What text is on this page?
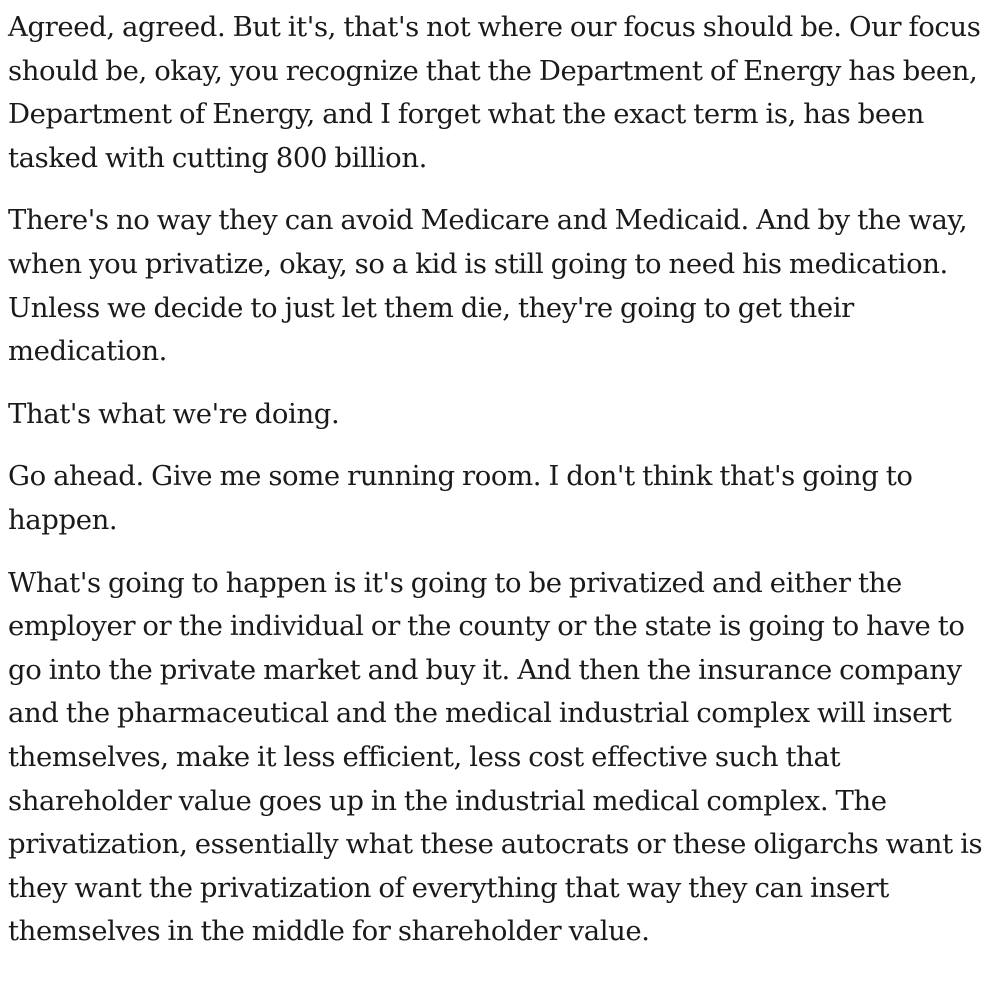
Agreed, agreed. But it's, that's not where our focus should be. Our focus should be, okay, you recognize that the Department of Energy has been, Department of Energy, and I forget what the exact term is, has been tasked with cutting 800 billion.

There's no way they can avoid Medicare and Medicaid. And by the way, when you privatize, okay, so a kid is still going to need his medication. Unless we decide to just let them die, they're going to get their medication.

That's what we're doing.

Go ahead. Give me some running room. I don't think that's going to happen.

What's going to happen is it's going to be privatized and either the employer or the individual or the county or the state is going to have to go into the private market and buy it. And then the insurance company and the pharmaceutical and the medical industrial complex will insert themselves, make it less efficient, less cost effective such that shareholder value goes up in the industrial medical complex. The privatization, essentially what these autocrats or these oligarchs want is they want the privatization of everything that way they can insert themselves in the middle for shareholder value.
